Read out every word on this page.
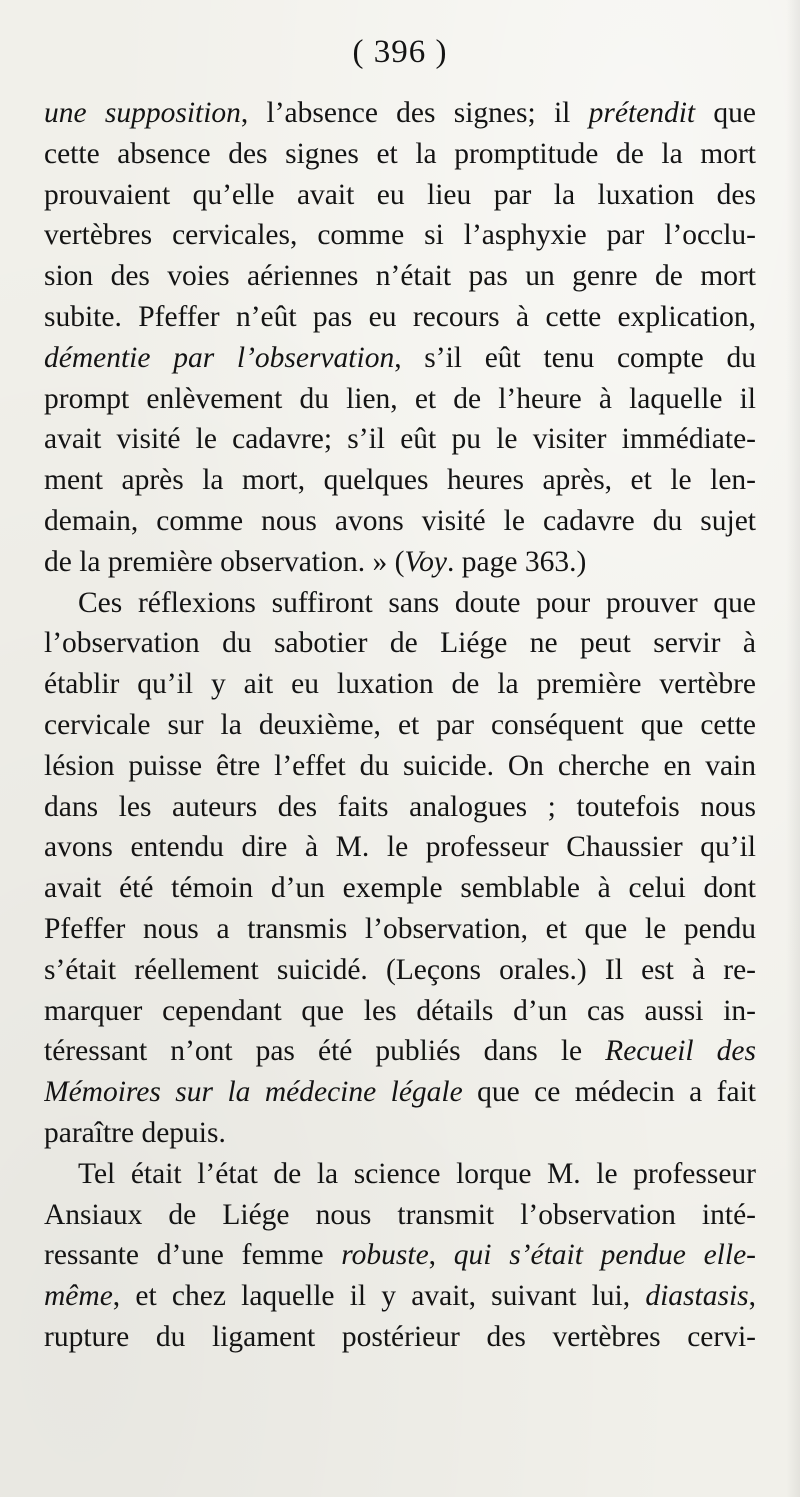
( 396 )
une supposition, l’absence des signes; il prétendit que
cette absence des signes et la promptitude de la mort
prouvaient qu’elle avait eu lieu par la luxation des
vertèbres cervicales, comme si l’asphyxie par l’occlu-
sion des voies aériennes n’était pas un genre de mort
subite. Pfeffer n’eût pas eu recours à cette explication,
démentie par l’observation, s’il eût tenu compte du
prompt enlèvement du lien, et de l’heure à laquelle il
avait visité le cadavre; s’il eût pu le visiter immédiate-
ment après la mort, quelques heures après, et le len-
demain, comme nous avons visité le cadavre du sujet
de la première observation. » (Voy. page 363.)
Ces réflexions suffiront sans doute pour prouver que
l’observation du sabotier de Liége ne peut servir à
établir qu’il y ait eu luxation de la première vertèbre
cervicale sur la deuxième, et par conséquent que cette
lésion puisse être l’effet du suicide. On cherche en vain
dans les auteurs des faits analogues ; toutefois nous
avons entendu dire à M. le professeur Chaussier qu’il
avait été témoin d’un exemple semblable à celui dont
Pfeffer nous a transmis l’observation, et que le pendu
s’était réellement suicidé. (Leçons orales.) Il est à re-
marquer cependant que les détails d’un cas aussi in-
téressant n’ont pas été publiés dans le Recueil des
Mémoires sur la médecine légale que ce médecin a fait
paraître depuis.
Tel était l’état de la science lorque M. le professeur
Ansiaux de Liége nous transmit l’observation inté-
ressante d’une femme robuste, qui s’était pendue elle-
même, et chez laquelle il y avait, suivant lui, diastasis,
rupture du ligament postérieur des vertèbres cervi-
